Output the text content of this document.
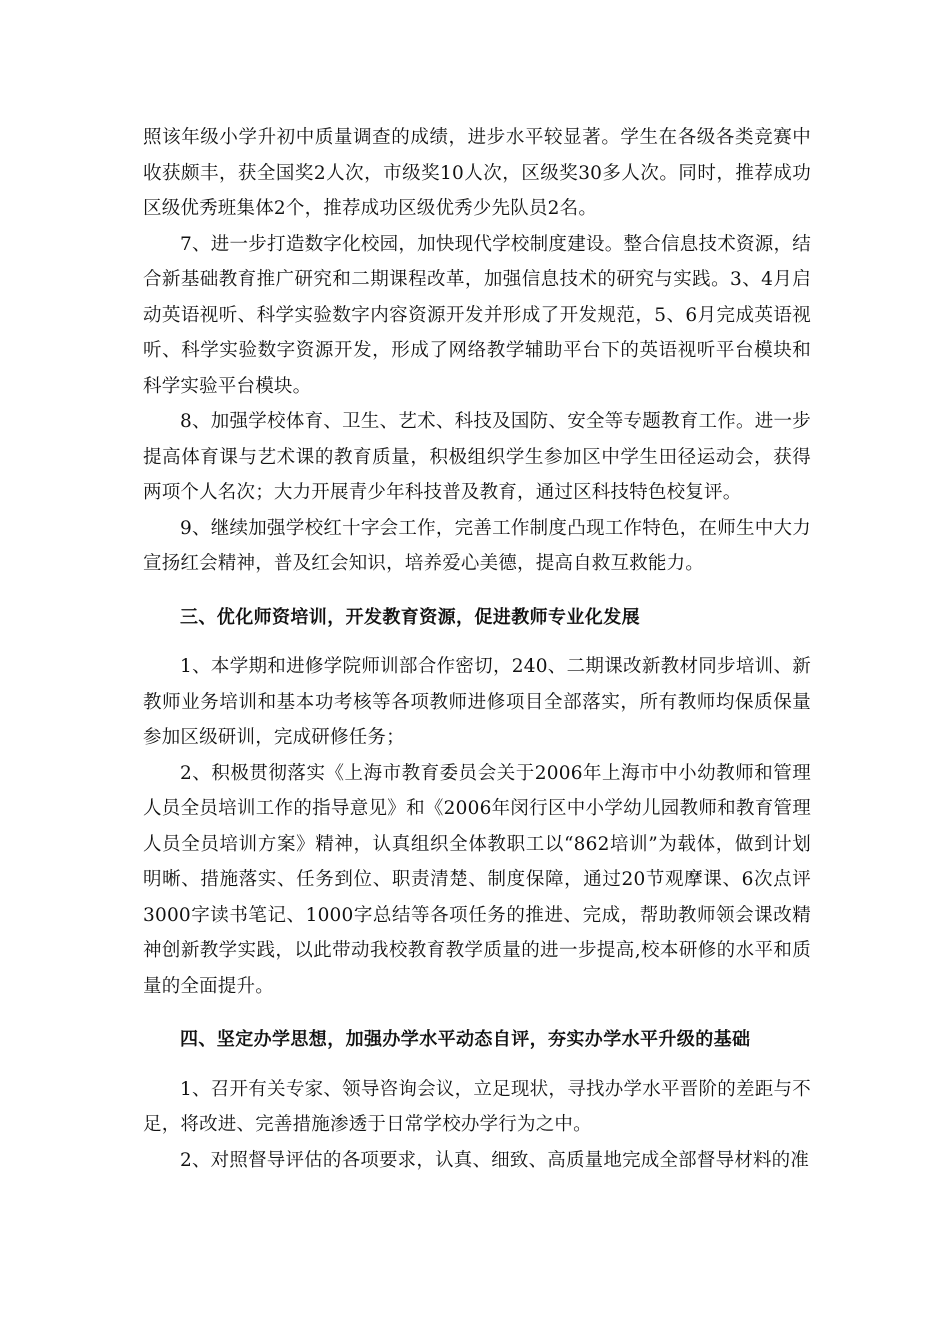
照该年级小学升初中质量调查的成绩，进步水平较显著。学生在各级各类竞赛中收获颇丰，获全国奖2人次，市级奖10人次，区级奖30多人次。同时，推荐成功区级优秀班集体2个，推荐成功区级优秀少先队员2名。

7、进一步打造数字化校园，加快现代学校制度建设。整合信息技术资源，结合新基础教育推广研究和二期课程改革，加强信息技术的研究与实践。3、4月启动英语视听、科学实验数字内容资源开发并形成了开发规范，5、6月完成英语视听、科学实验数字资源开发，形成了网络教学辅助平台下的英语视听平台模块和科学实验平台模块。

8、加强学校体育、卫生、艺术、科技及国防、安全等专题教育工作。进一步提高体育课与艺术课的教育质量，积极组织学生参加区中学生田径运动会，获得两项个人名次；大力开展青少年科技普及教育，通过区科技特色校复评。

9、继续加强学校红十字会工作，完善工作制度凸现工作特色，在师生中大力宣扬红会精神，普及红会知识，培养爱心美德，提高自救互救能力。

三、优化师资培训，开发教育资源，促进教师专业化发展

1、本学期和进修学院师训部合作密切，240、二期课改新教材同步培训、新教师业务培训和基本功考核等各项教师进修项目全部落实，所有教师均保质保量参加区级研训，完成研修任务；

2、积极贯彻落实《上海市教育委员会关于2006年上海市中小幼教师和管理人员全员培训工作的指导意见》和《2006年闵行区中小学幼儿园教师和教育管理人员全员培训方案》精神，认真组织全体教职工以“862培训”为载体，做到计划明晰、措施落实、任务到位、职责清楚、制度保障，通过20节观摩课、6次点评3000字读书笔记、1000字总结等各项任务的推进、完成，帮助教师领会课改精神创新教学实践，以此带动我校教育教学质量的进一步提高,校本研修的水平和质量的全面提升。

四、坚定办学思想，加强办学水平动态自评，夯实办学水平升级的基础

1、召开有关专家、领导咨询会议，立足现状，寻找办学水平晋阶的差距与不足，将改进、完善措施渗透于日常学校办学行为之中。

2、对照督导评估的各项要求，认真、细致、高质量地完成全部督导材料的准
